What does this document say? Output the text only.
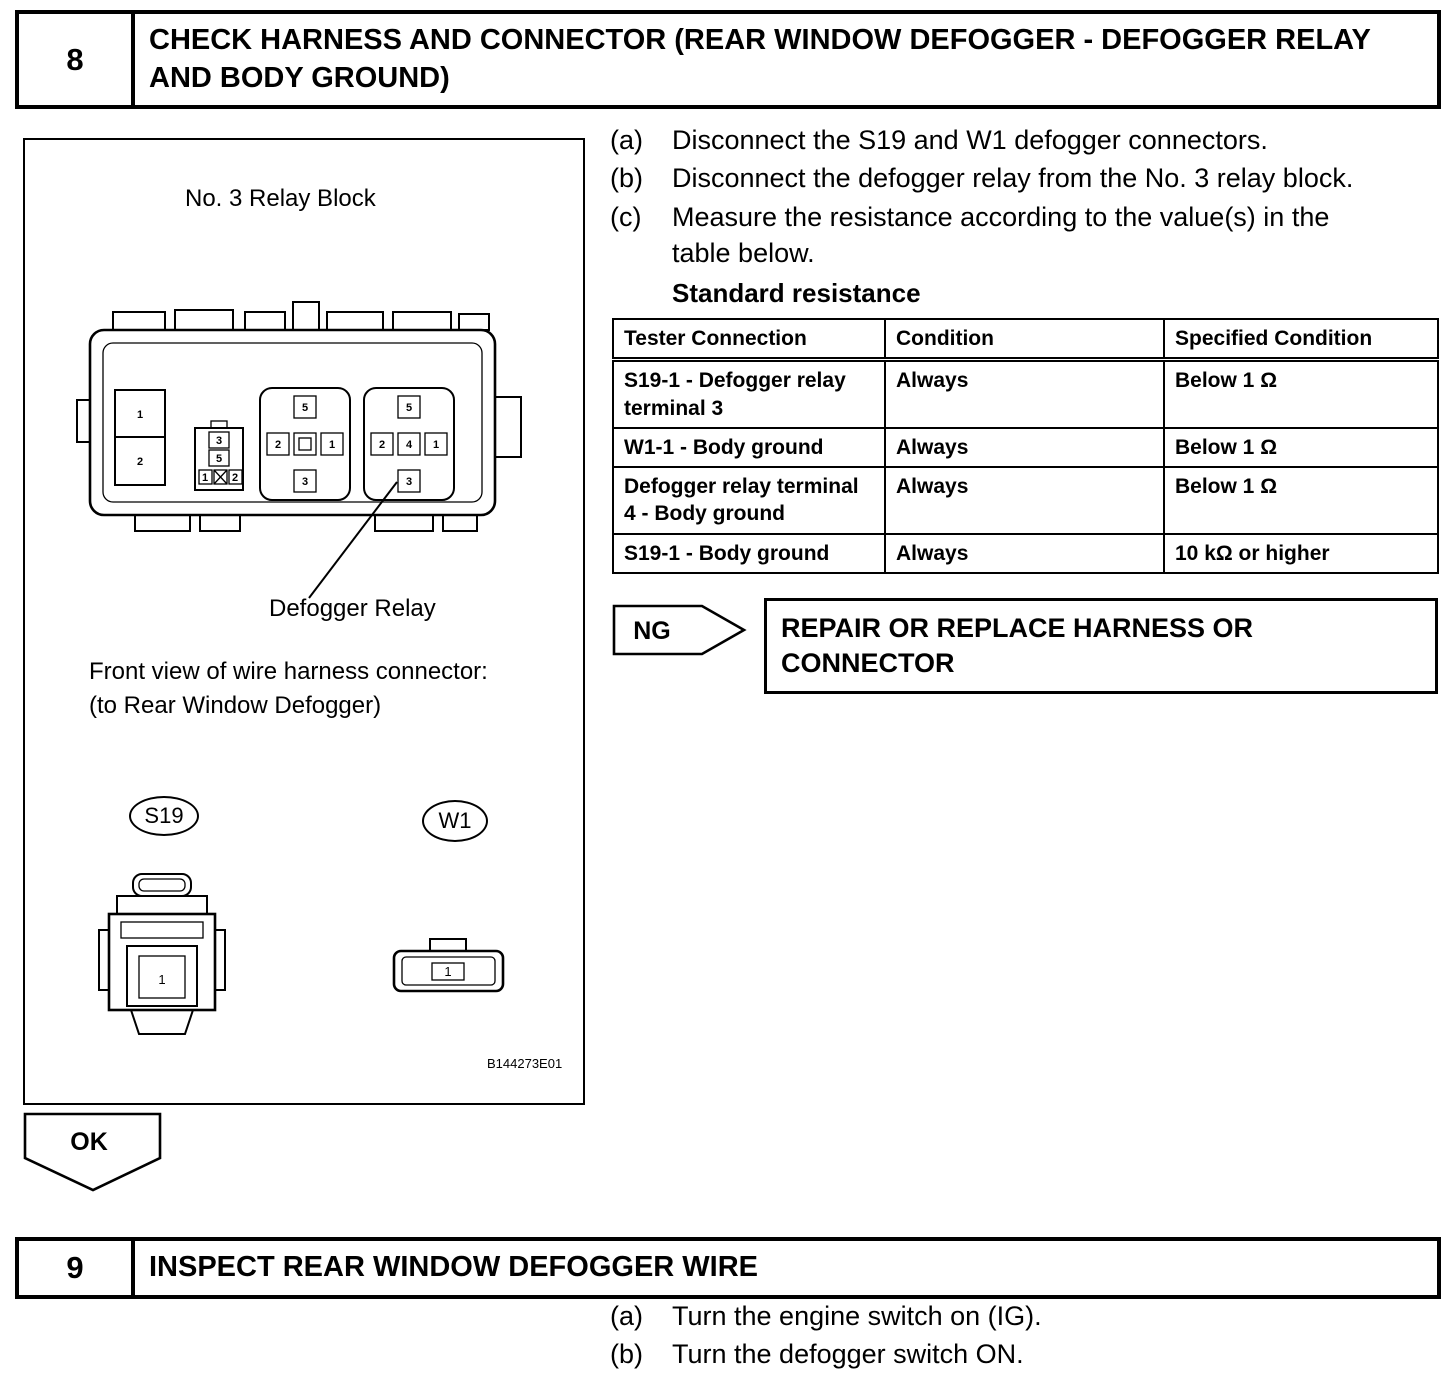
8
CHECK HARNESS AND CONNECTOR (REAR WINDOW DEFOGGER - DEFOGGER RELAY AND BODY GROUND)
No. 3 Relay Block
1
2
3
5
1 2
5
2	1
3
5
2 4 1
3
Defogger Relay
Front view of wire harness connector:
(to Rear Window Defogger)
S19	W1
1
1
B144273E01
(a)	Disconnect the S19 and W1 defogger connectors.
(b)	Disconnect the defogger relay from the No. 3 relay block.
(c)	Measure the resistance according to the value(s) in the table below.
Standard resistance
Tester Connection	Condition	Specified Condition
S19-1 - Defogger relay terminal 3	Always	Below 1 Ω
W1-1 - Body ground	Always	Below 1 Ω
Defogger relay terminal 4 - Body ground	Always	Below 1 Ω
S19-1 - Body ground	Always	10 kΩ or higher
NG	REPAIR OR REPLACE HARNESS OR CONNECTOR
OK
9	INSPECT REAR WINDOW DEFOGGER WIRE
(a)	Turn the engine switch on (IG).
(b)	Turn the defogger switch ON.
